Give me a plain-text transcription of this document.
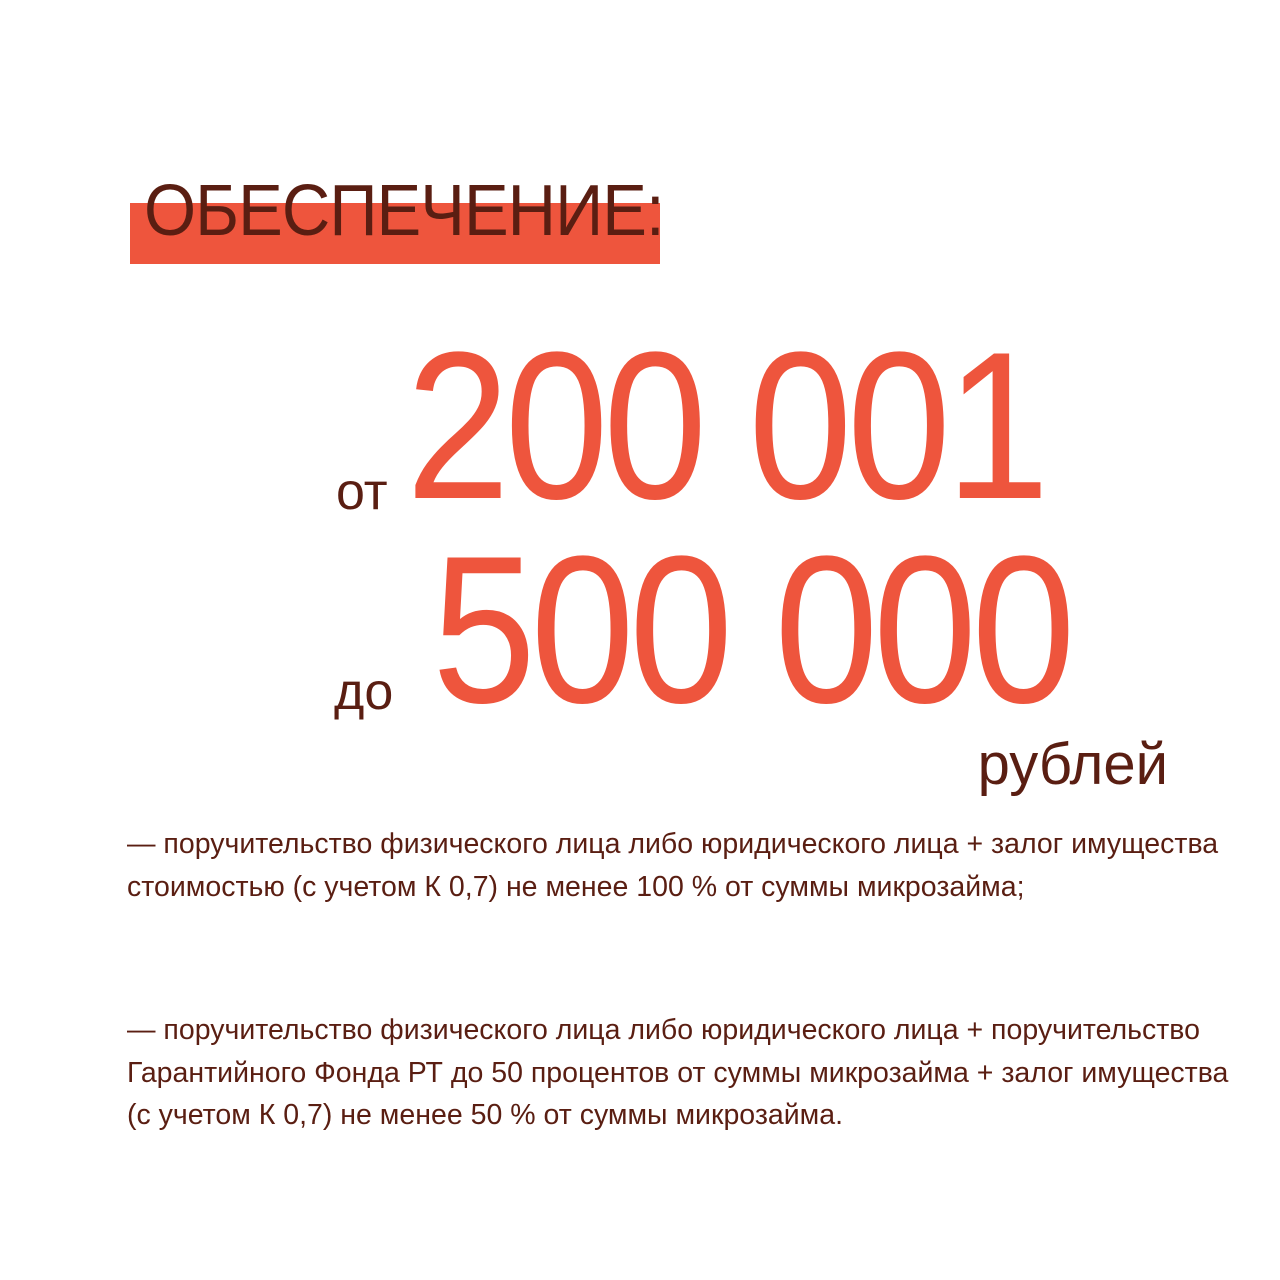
ОБЕСПЕЧЕНИЕ:
от 200 001
до 500 000
рублей
— поручительство физического лица либо юридического лица + залог имущества стоимостью (с учетом К 0,7) не менее 100 % от суммы микрозайма;
— поручительство физического лица либо юридического лица + поручительство Гарантийного Фонда РТ до 50 процентов от суммы микрозайма + залог имущества (с учетом К 0,7) не менее 50 % от суммы микрозайма.
